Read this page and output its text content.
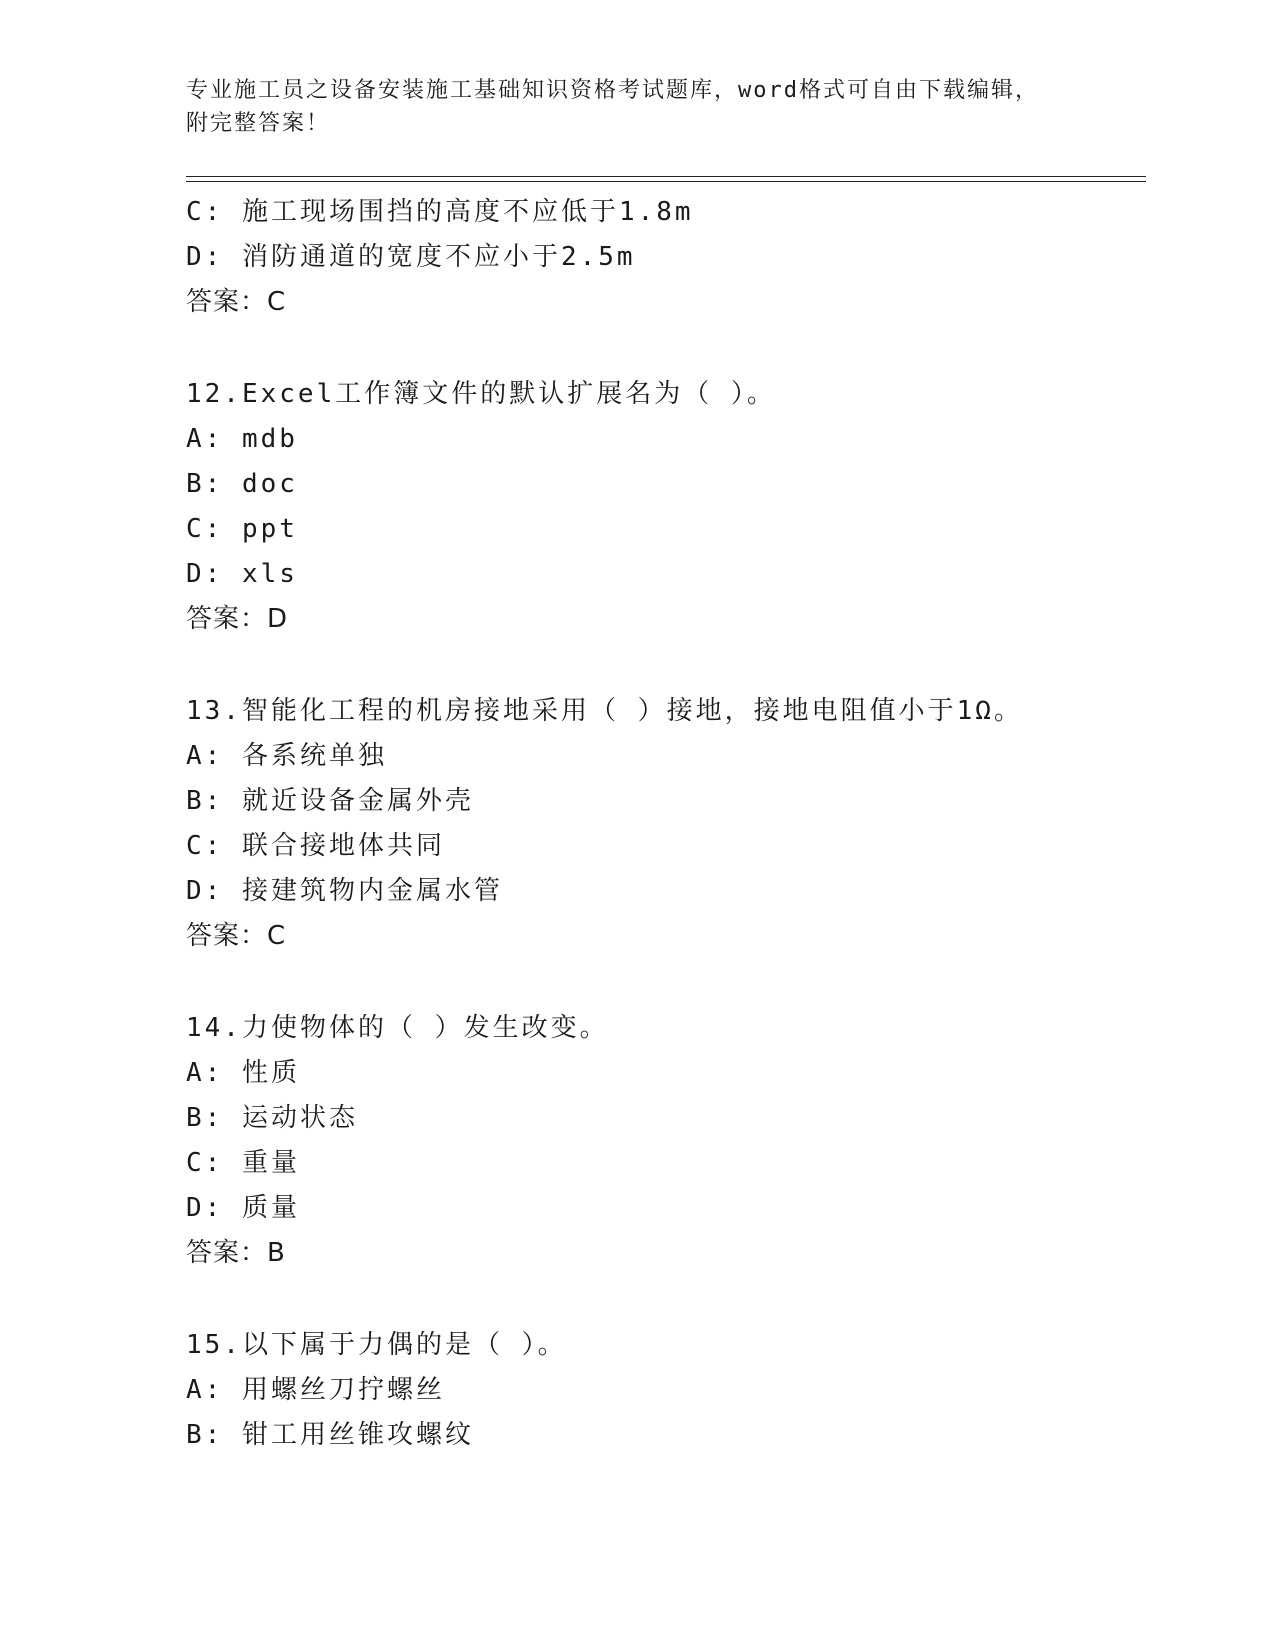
专业施工员之设备安装施工基础知识资格考试题库，word格式可自由下载编辑，
附完整答案！
C: 施工现场围挡的高度不应低于1.8m
D: 消防通道的宽度不应小于2.5m
答案：C
12.Excel工作簿文件的默认扩展名为（ ）。
A: mdb
B: doc
C: ppt
D: xls
答案：D
13.智能化工程的机房接地采用（ ）接地，接地电阻值小于1Ω。
A: 各系统单独
B: 就近设备金属外壳
C: 联合接地体共同
D: 接建筑物内金属水管
答案：C
14.力使物体的（ ）发生改变。
A: 性质
B: 运动状态
C: 重量
D: 质量
答案：B
15.以下属于力偶的是（ ）。
A: 用螺丝刀拧螺丝
B: 钳工用丝锥攻螺纹
